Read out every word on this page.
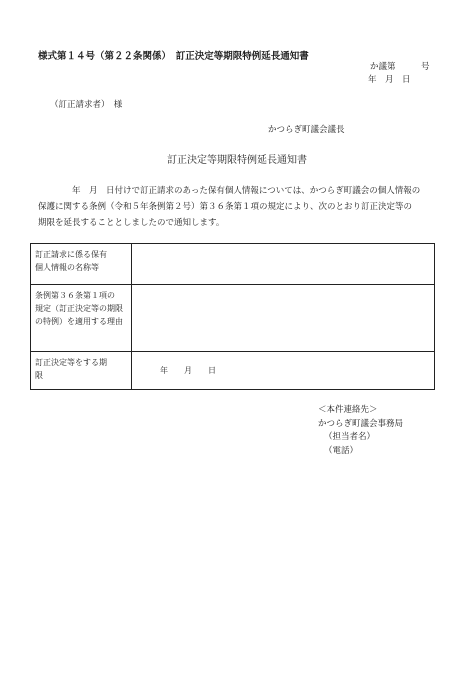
様式第１４号（第２２条関係）　訂正決定等期限特例延長通知書
か議第　　　号
年　月　日
（訂正請求者）　様
かつらぎ町議会議長
訂正決定等期限特例延長通知書
年　月　日付けで訂正請求のあった保有個人情報については、かつらぎ町議会の個人情報の
保護に関する条例（令和５年条例第２号）第３６条第１項の規定により、次のとおり訂正決定等の
期限を延長することとしましたので通知します。
訂正請求に係る保有
個人情報の名称等	

条例第３６条第１項の
規定（訂正決定等の期限
の特例）を適用する理由	

訂正決定等をする期
限	年　　月　　日
＜本件連絡先＞
かつらぎ町議会事務局
（担当者名）
（電話）
